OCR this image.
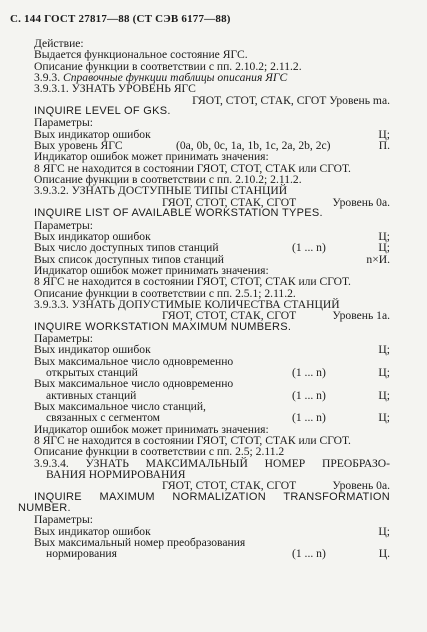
С. 144 ГОСТ 27817—88 (СТ СЭВ 6177—88)
Действие:
Выдается функциональное состояние ЯГС.
Описание функции в соответствии с пп. 2.10.2; 2.11.2.
3.9.3. Справочные функции таблицы описания ЯГС
3.9.3.1. УЗНАТЬ УРОВЕНЬ ЯГС
ГЯОТ, СТОТ, СТАК, СГОТ Уровень ma.
INQUIRE LEVEL OF GKS.
Параметры:
Вых индикатор ошибок	Ц;
Вых уровень ЯГС	(0a, 0b, 0c, 1a, 1b, 1c, 2a, 2b, 2c)	П.
Индикатор ошибок может принимать значения:
8 ЯГС не находится в состоянии ГЯОТ, СТОТ, СТАК или СГОТ.
Описание функции в соответствии с пп. 2.10.2; 2.11.2.
3.9.3.2. УЗНАТЬ ДОСТУПНЫЕ ТИПЫ СТАНЦИЙ
ГЯОТ, СТОТ, СТАК, СГОТ	Уровень 0a.
INQUIRE LIST OF AVAILABLE WORKSTATION TYPES.
Параметры:
Вых индикатор ошибок	Ц;
Вых число доступных типов станций	(1 ... n)	Ц;
Вых список доступных типов станций	n×И.
Индикатор ошибок может принимать значения:
8 ЯГС не находится в состоянии ГЯОТ, СТОТ, СТАК или СГОТ.
Описание функции в соответствии с пп. 2.5.1; 2.11.2.
3.9.3.3. УЗНАТЬ ДОПУСТИМЫЕ КОЛИЧЕСТВА СТАНЦИЙ
ГЯОТ, СТОТ, СТАК, СГОТ	Уровень 1a.
INQUIRE WORKSTATION MAXIMUM NUMBERS.
Параметры:
Вых индикатор ошибок	Ц;
Вых максимальное число одновременно
открытых станций	(1 ... n)	Ц;
Вых максимальное число одновременно
активных станций	(1 ... n)	Ц;
Вых максимальное число станций,
связанных с сегментом	(1 ... n)	Ц;
Индикатор ошибок может принимать значения:
8 ЯГС не находится в состоянии ГЯОТ, СТОТ, СТАК или СГОТ.
Описание функции в соответствии с пп. 2.5; 2.11.2
3.9.3.4. УЗНАТЬ МАКСИМАЛЬНЫЙ НОМЕР ПРЕОБРАЗО-
ВАНИЯ НОРМИРОВАНИЯ
ГЯОТ, СТОТ, СТАК, СГОТ	Уровень 0a.
INQUIRE MAXIMUM NORMALIZATION TRANSFORMATION
NUMBER.
Параметры:
Вых индикатор ошибок	Ц;
Вых максимальный номер преобразования
нормирования	(1 ... n)	Ц.
